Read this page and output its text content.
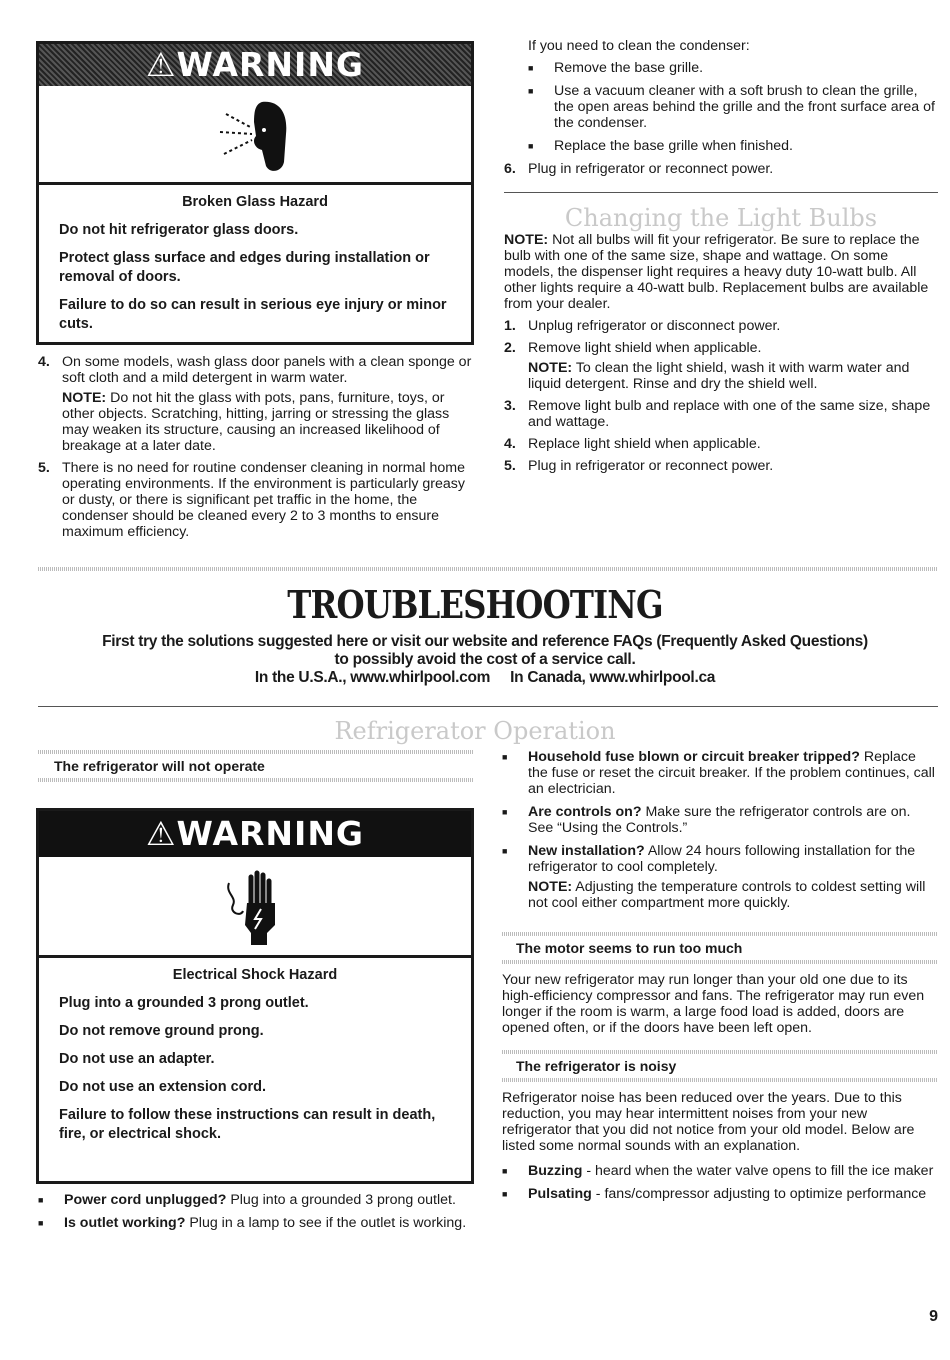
⚠WARNING
Broken Glass Hazard
Do not hit refrigerator glass doors.
Protect glass surface and edges during installation or removal of doors.
Failure to do so can result in serious eye injury or minor cuts.
4. On some models, wash glass door panels with a clean sponge or soft cloth and a mild detergent in warm water.
NOTE: Do not hit the glass with pots, pans, furniture, toys, or other objects. Scratching, hitting, jarring or stressing the glass may weaken its structure, causing an increased likelihood of breakage at a later date.
5. There is no need for routine condenser cleaning in normal home operating environments. If the environment is particularly greasy or dusty, or there is significant pet traffic in the home, the condenser should be cleaned every 2 to 3 months to ensure maximum efficiency.
If you need to clean the condenser:
■	Remove the base grille.
■	Use a vacuum cleaner with a soft brush to clean the grille, the open areas behind the grille and the front surface area of the condenser.
■	Replace the base grille when finished.
6. Plug in refrigerator or reconnect power.
Changing the Light Bulbs
NOTE: Not all bulbs will fit your refrigerator. Be sure to replace the bulb with one of the same size, shape and wattage. On some models, the dispenser light requires a heavy duty 10-watt bulb. All other lights require a 40-watt bulb. Replacement bulbs are available from your dealer.
1. Unplug refrigerator or disconnect power.
2. Remove light shield when applicable.
NOTE: To clean the light shield, wash it with warm water and liquid detergent. Rinse and dry the shield well.
3. Remove light bulb and replace with one of the same size, shape and wattage.
4. Replace light shield when applicable.
5. Plug in refrigerator or reconnect power.
TROUBLESHOOTING
First try the solutions suggested here or visit our website and reference FAQs (Frequently Asked Questions)
to possibly avoid the cost of a service call.
In the U.S.A., www.whirlpool.com     In Canada, www.whirlpool.ca
Refrigerator Operation
The refrigerator will not operate
⚠WARNING
Electrical Shock Hazard
Plug into a grounded 3 prong outlet.
Do not remove ground prong.
Do not use an adapter.
Do not use an extension cord.
Failure to follow these instructions can result in death, fire, or electrical shock.
■	Power cord unplugged? Plug into a grounded 3 prong outlet.
■	Is outlet working? Plug in a lamp to see if the outlet is working.
■	Household fuse blown or circuit breaker tripped? Replace the fuse or reset the circuit breaker. If the problem continues, call an electrician.
■	Are controls on? Make sure the refrigerator controls are on. See “Using the Controls.”
■	New installation? Allow 24 hours following installation for the refrigerator to cool completely.
NOTE: Adjusting the temperature controls to coldest setting will not cool either compartment more quickly.
The motor seems to run too much
Your new refrigerator may run longer than your old one due to its high-efficiency compressor and fans. The refrigerator may run even longer if the room is warm, a large food load is added, doors are opened often, or if the doors have been left open.
The refrigerator is noisy
Refrigerator noise has been reduced over the years. Due to this reduction, you may hear intermittent noises from your new refrigerator that you did not notice from your old model. Below are listed some normal sounds with an explanation.
■	Buzzing - heard when the water valve opens to fill the ice maker
■	Pulsating - fans/compressor adjusting to optimize performance
9
